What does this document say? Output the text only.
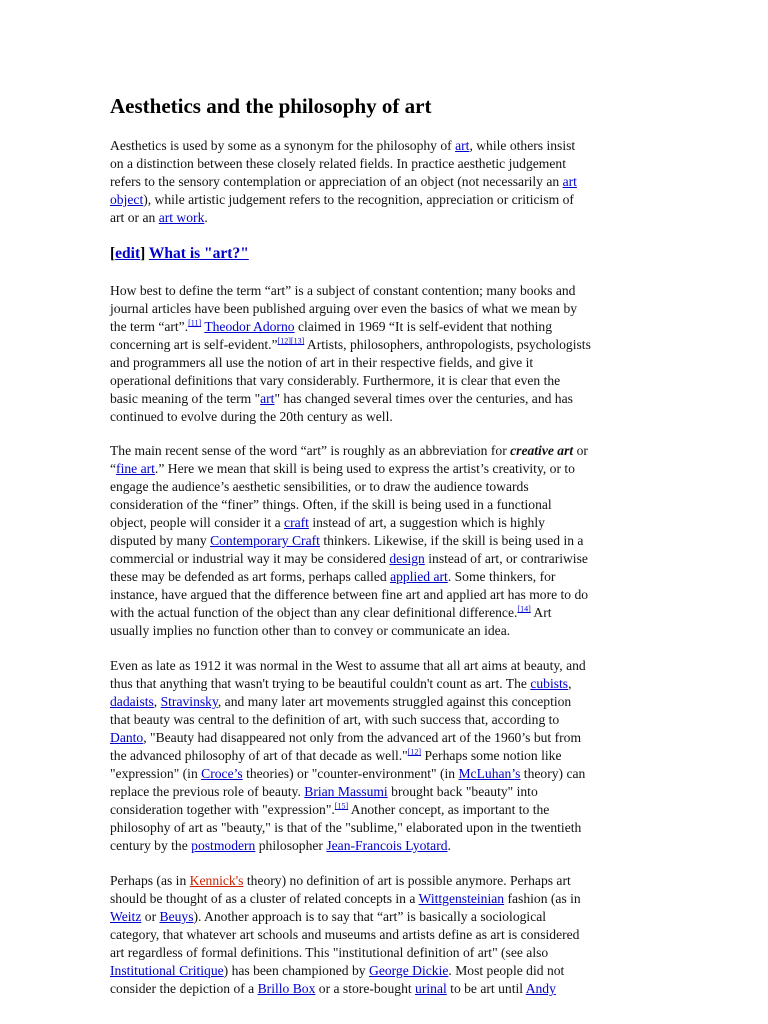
Aesthetics and the philosophy of art
[edit] What is "art?"
Aesthetics is used by some as a synonym for the philosophy of art, while others insist
on a distinction between these closely related fields. In practice aesthetic judgement
refers to the sensory contemplation or appreciation of an object (not necessarily an art
object), while artistic judgement refers to the recognition, appreciation or criticism of
art or an art work.
How best to define the term “art” is a subject of constant contention; many books and
journal articles have been published arguing over even the basics of what we mean by
the term “art”.[11] Theodor Adorno claimed in 1969 “It is self-evident that nothing
concerning art is self-evident.”[12][13] Artists, philosophers, anthropologists, psychologists
and programmers all use the notion of art in their respective fields, and give it
operational definitions that vary considerably. Furthermore, it is clear that even the
basic meaning of the term "art" has changed several times over the centuries, and has
continued to evolve during the 20th century as well.
The main recent sense of the word “art” is roughly as an abbreviation for creative art or
“fine art.” Here we mean that skill is being used to express the artist’s creativity, or to
engage the audience’s aesthetic sensibilities, or to draw the audience towards
consideration of the “finer” things. Often, if the skill is being used in a functional
object, people will consider it a craft instead of art, a suggestion which is highly
disputed by many Contemporary Craft thinkers. Likewise, if the skill is being used in a
commercial or industrial way it may be considered design instead of art, or contrariwise
these may be defended as art forms, perhaps called applied art. Some thinkers, for
instance, have argued that the difference between fine art and applied art has more to do
with the actual function of the object than any clear definitional difference.[14] Art
usually implies no function other than to convey or communicate an idea.
Even as late as 1912 it was normal in the West to assume that all art aims at beauty, and
thus that anything that wasn't trying to be beautiful couldn't count as art. The cubists,
dadaists, Stravinsky, and many later art movements struggled against this conception
that beauty was central to the definition of art, with such success that, according to
Danto, "Beauty had disappeared not only from the advanced art of the 1960’s but from
the advanced philosophy of art of that decade as well."[12] Perhaps some notion like
"expression" (in Croce’s theories) or "counter-environment" (in McLuhan’s theory) can
replace the previous role of beauty. Brian Massumi brought back "beauty" into
consideration together with "expression".[15] Another concept, as important to the
philosophy of art as "beauty," is that of the "sublime," elaborated upon in the twentieth
century by the postmodern philosopher Jean-Francois Lyotard.
Perhaps (as in Kennick's theory) no definition of art is possible anymore. Perhaps art
should be thought of as a cluster of related concepts in a Wittgensteinian fashion (as in
Weitz or Beuys). Another approach is to say that “art” is basically a sociological
category, that whatever art schools and museums and artists define as art is considered
art regardless of formal definitions. This "institutional definition of art" (see also
Institutional Critique) has been championed by George Dickie. Most people did not
consider the depiction of a Brillo Box or a store-bought urinal to be art until Andy
